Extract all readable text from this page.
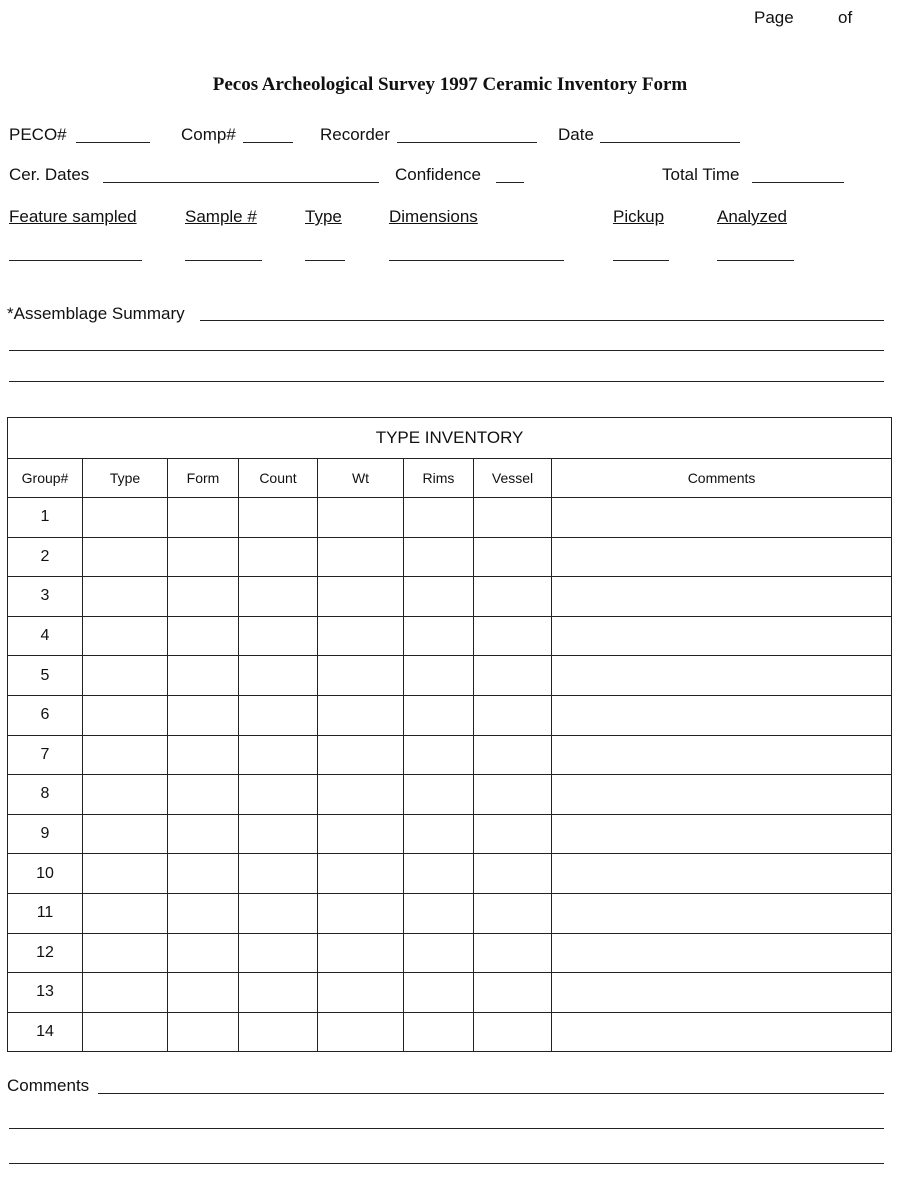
Page	of
Pecos Archeological Survey 1997 Ceramic Inventory Form
PECO#	Comp#	Recorder	Date
Cer. Dates	Confidence	Total Time
Feature sampled	Sample #	Type	Dimensions	Pickup	Analyzed
*Assemblage Summary
TYPE INVENTORY							
Group#	Type	Form	Count	Wt	Rims	Vessel	Comments
1							
2							
3							
4							
5							
6							
7							
8							
9							
10							
11							
12							
13							
14							
Comments
